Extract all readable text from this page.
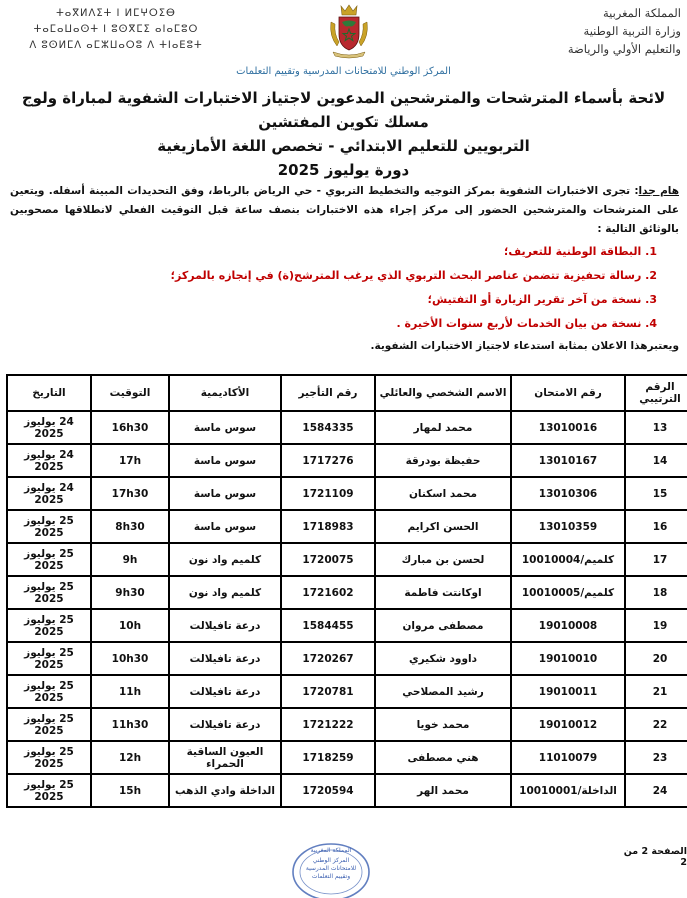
المملكة المغربية
وزارة التربية الوطنية
والتعليم الأولي والرياضة
ⵜⴰⴳⵍⴷⵉⵜ ⵏ ⵍⵎⵖⵔⵉⴱ
ⵜⴰⵎⴰⵡⴰⵙⵜ ⵏ ⵓⵙⴳⵎⵉ ⴰⵏⴰⵎⵓⵔ
ⴷ ⵓⵙⵍⵎⴷ ⴰⵎⵣⵡⴰⵔⵓ ⴷ ⵜⵏⴰⴹⵓⵜ
المركز الوطني للامتحانات المدرسية وتقييم التعلمات
لائحة بأسماء المترشحات والمترشحين المدعوين لاجتياز الاختبارات الشفوية لمباراة ولوج مسلك تكوين المفتشين
التربويين للتعليم الابتدائي - تخصص اللغة الأمازيغية
دورة يوليوز 2025
هام جدا: تجرى الاختبارات الشفوية بمركز التوجيه والتخطيط التربوي - حي الرياض بالرباط، وفق التحديدات المبينة أسفله. ويتعين على المترشحات والمترشحين الحضور إلى مركز إجراء هذه الاختبارات بنصف ساعة قبل التوقيت الفعلي لانطلاقها مصحوبين بالوثائق التالية :
1. البطاقة الوطنية للتعريف؛
2. رسالة تحفيزية تتضمن عناصر البحث التربوي الذي يرغب المترشح(ة) في إنجازه بالمركز؛
3. نسخة من آخر تقرير الزيارة أو التفتيش؛
4. نسخة من بيان الخدمات لأربع سنوات الأخيرة .
ويعتبرهذا الاعلان بمثابة استدعاء لاجتياز الاختبارات الشفوية.
الرقم الترتيبي	رقم الامتحان	الاسم الشخصي والعائلي	رقم التأجير	الأكاديمية	التوقيت	التاريخ
13	13010016	محمد لمهار	1584335	سوس ماسة	16h30	24 يوليوز 2025
14	13010167	حفيظة بودرقة	1717276	سوس ماسة	17h	24 يوليوز 2025
15	13010306	محمد اسكنان	1721109	سوس ماسة	17h30	24 يوليوز 2025
16	13010359	الحسن اكرايم	1718983	سوس ماسة	8h30	25 يوليوز 2025
17	كلميم/10010004	لحسن بن مبارك	1720075	كلميم واد نون	9h	25 يوليوز 2025
18	كلميم/10010005	اوكانتت فاطمة	1721602	كلميم واد نون	9h30	25 يوليوز 2025
19	19010008	مصطفى مروان	1584455	درعة تافيلالت	10h	25 يوليوز 2025
20	19010010	داوود شكيري	1720267	درعة تافيلالت	10h30	25 يوليوز 2025
21	19010011	رشيد المصلاحي	1720781	درعة تافيلالت	11h	25 يوليوز 2025
22	19010012	محمد خويا	1721222	درعة تافيلالت	11h30	25 يوليوز 2025
23	11010079	هني مصطفى	1718259	العيون الساقية الحمراء	12h	25 يوليوز 2025
24	الداخلة/10010001	محمد الهر	1720594	الداخلة وادي الذهب	15h	25 يوليوز 2025
الصفحة 2 من 2
المملكة المغربية
المركز الوطني
للامتحانات المدرسية
وتقييم التعلمات
